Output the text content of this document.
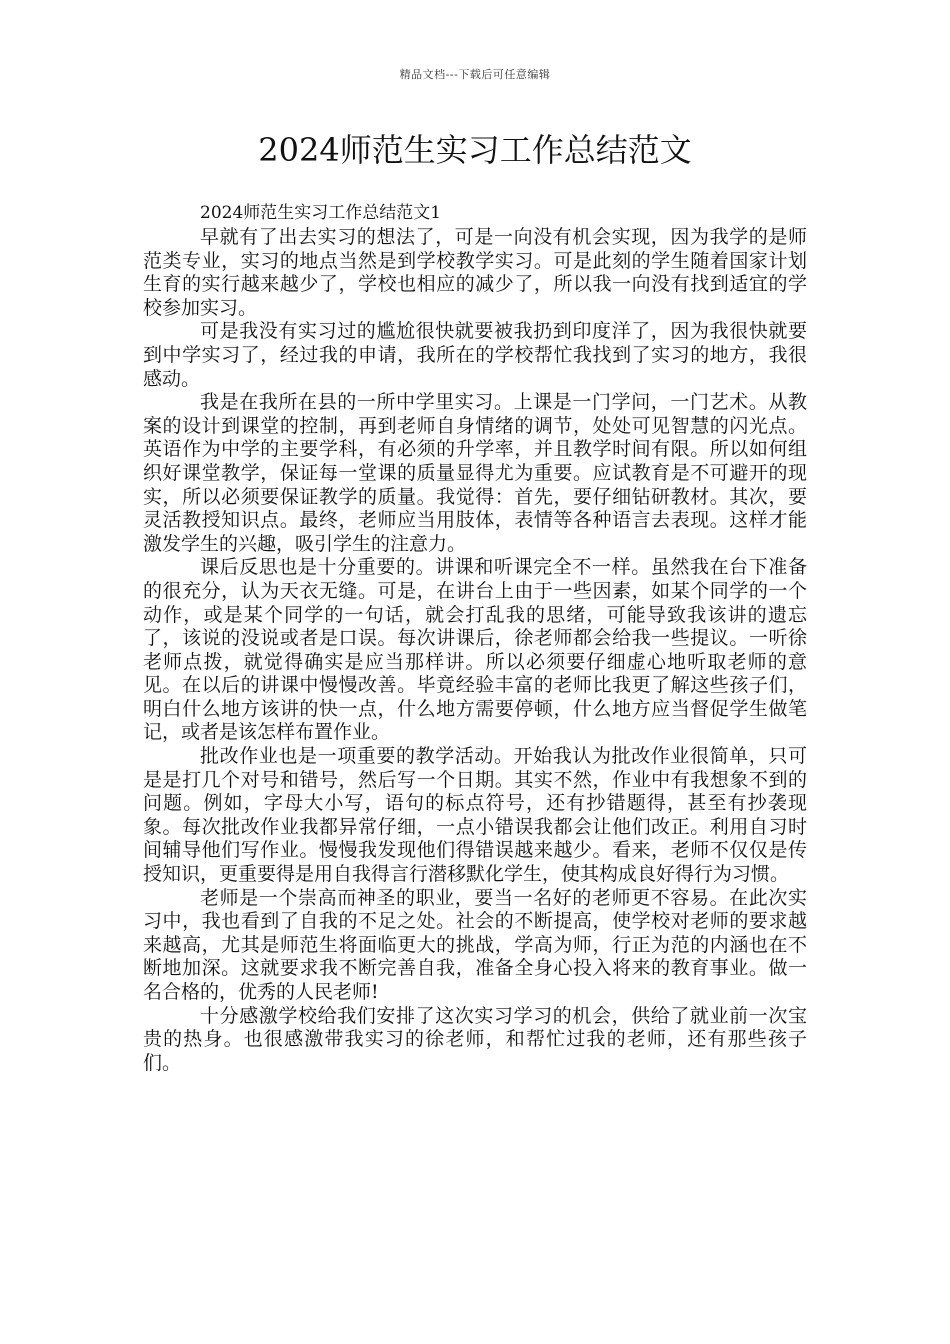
精品文档---下载后可任意编辑
2024师范生实习工作总结范文

2024师范生实习工作总结范文1

早就有了出去实习的想法了，可是一向没有机会实现，因为我学的是师范类专业，实习的地点当然是到学校教学实习。可是此刻的学生随着国家计划生育的实行越来越少了，学校也相应的减少了，所以我一向没有找到适宜的学校参加实习。

可是我没有实习过的尴尬很快就要被我扔到印度洋了，因为我很快就要到中学实习了，经过我的申请，我所在的学校帮忙我找到了实习的地方，我很感动。

我是在我所在县的一所中学里实习。上课是一门学问，一门艺术。从教案的设计到课堂的控制，再到老师自身情绪的调节，处处可见智慧的闪光点。英语作为中学的主要学科，有必须的升学率，并且教学时间有限。所以如何组织好课堂教学，保证每一堂课的质量显得尤为重要。应试教育是不可避开的现实，所以必须要保证教学的质量。我觉得：首先，要仔细钻研教材。其次，要灵活教授知识点。最终，老师应当用肢体，表情等各种语言去表现。这样才能激发学生的兴趣，吸引学生的注意力。

课后反思也是十分重要的。讲课和听课完全不一样。虽然我在台下准备的很充分，认为天衣无缝。可是，在讲台上由于一些因素，如某个同学的一个动作，或是某个同学的一句话，就会打乱我的思绪，可能导致我该讲的遗忘了，该说的没说或者是口误。每次讲课后，徐老师都会给我一些提议。一听徐老师点拨，就觉得确实是应当那样讲。所以必须要仔细虚心地听取老师的意见。在以后的讲课中慢慢改善。毕竟经验丰富的老师比我更了解这些孩子们，明白什么地方该讲的快一点，什么地方需要停顿，什么地方应当督促学生做笔记，或者是该怎样布置作业。

批改作业也是一项重要的教学活动。开始我认为批改作业很简单，只可是是打几个对号和错号，然后写一个日期。其实不然，作业中有我想象不到的问题。例如，字母大小写，语句的标点符号，还有抄错题得，甚至有抄袭现象。每次批改作业我都异常仔细，一点小错误我都会让他们改正。利用自习时间辅导他们写作业。慢慢我发现他们得错误越来越少。看来，老师不仅仅是传授知识，更重要得是用自我得言行潜移默化学生，使其构成良好得行为习惯。

老师是一个崇高而神圣的职业，要当一名好的老师更不容易。在此次实习中，我也看到了自我的不足之处。社会的不断提高，使学校对老师的要求越来越高，尤其是师范生将面临更大的挑战，学高为师，行正为范的内涵也在不断地加深。这就要求我不断完善自我，准备全身心投入将来的教育事业。做一名合格的，优秀的人民老师!

十分感激学校给我们安排了这次实习学习的机会，供给了就业前一次宝贵的热身。也很感激带我实习的徐老师，和帮忙过我的老师，还有那些孩子们。
